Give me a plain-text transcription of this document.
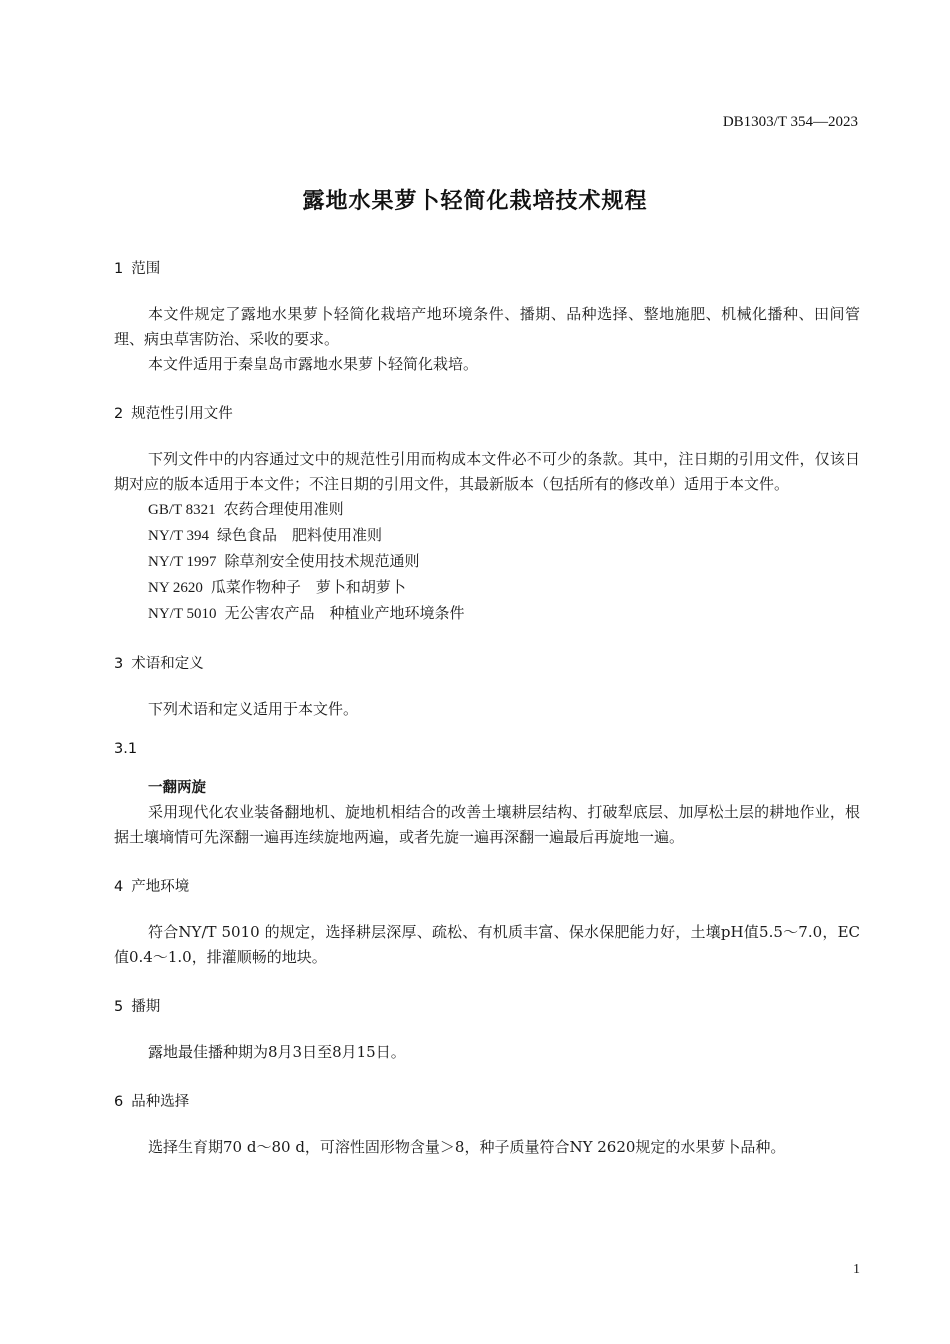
DB1303/T 354—2023
露地水果萝卜轻简化栽培技术规程

1 范围

本文件规定了露地水果萝卜轻简化栽培产地环境条件、播期、品种选择、整地施肥、机械化播种、田间管理、病虫草害防治、采收的要求。

本文件适用于秦皇岛市露地水果萝卜轻简化栽培。

2 规范性引用文件

下列文件中的内容通过文中的规范性引用而构成本文件必不可少的条款。其中，注日期的引用文件，仅该日期对应的版本适用于本文件；不注日期的引用文件，其最新版本（包括所有的修改单）适用于本文件。

GB/T 8321 农药合理使用准则

NY/T 394 绿色食品　肥料使用准则

NY/T 1997 除草剂安全使用技术规范通则

NY 2620 瓜菜作物种子　萝卜和胡萝卜

NY/T 5010 无公害农产品　种植业产地环境条件

3 术语和定义

下列术语和定义适用于本文件。

3.1

一翻两旋

采用现代化农业装备翻地机、旋地机相结合的改善土壤耕层结构、打破犁底层、加厚松土层的耕地作业，根据土壤墒情可先深翻一遍再连续旋地两遍，或者先旋一遍再深翻一遍最后再旋地一遍。

4 产地环境

符合NY/T 5010 的规定，选择耕层深厚、疏松、有机质丰富、保水保肥能力好，土壤pH值5.5～7.0，EC值0.4～1.0，排灌顺畅的地块。

5 播期

露地最佳播种期为8月3日至8月15日。

6 品种选择

选择生育期70 d～80 d，可溶性固形物含量＞8，种子质量符合NY 2620规定的水果萝卜品种。

1
